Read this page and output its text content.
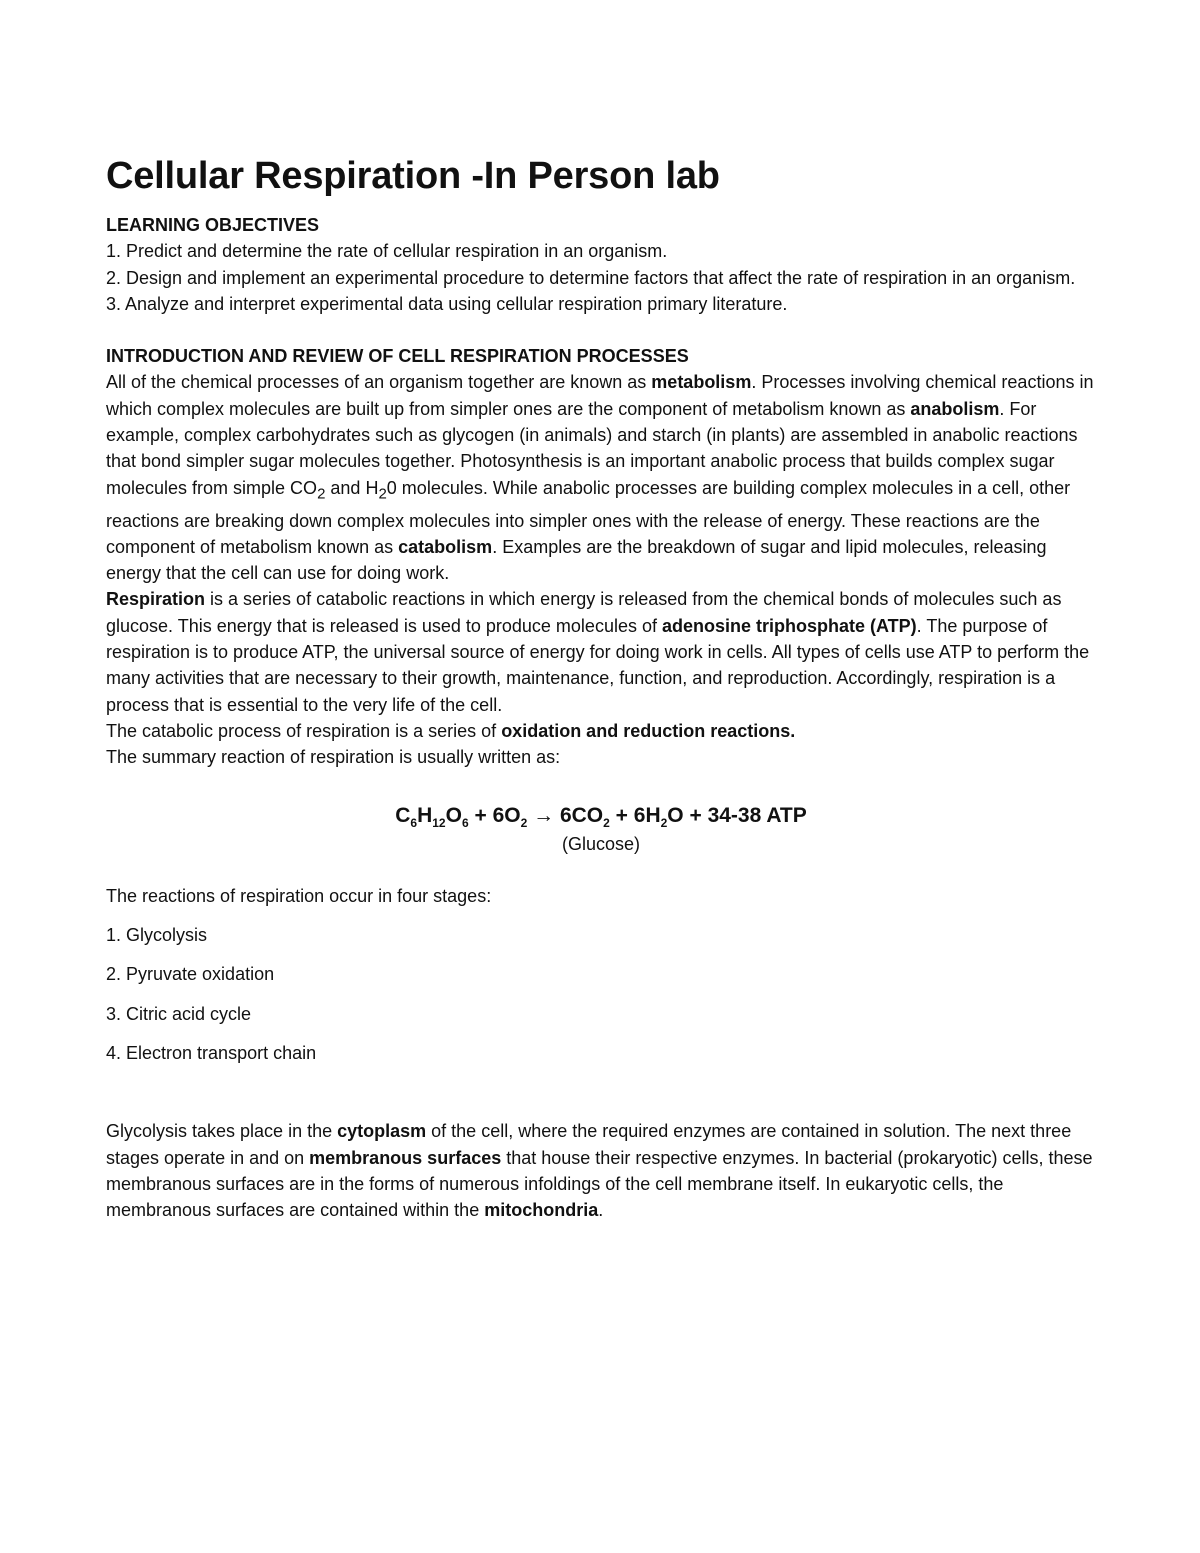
Cellular Respiration -In Person lab
LEARNING OBJECTIVES

1. Predict and determine the rate of cellular respiration in an organism.

2. Design and implement an experimental procedure to determine factors that affect the rate of respiration in an organism.

3. Analyze and interpret experimental data using cellular respiration primary literature.

INTRODUCTION AND REVIEW OF CELL RESPIRATION PROCESSES

All of the chemical processes of an organism together are known as metabolism. Processes involving chemical reactions in which complex molecules are built up from simpler ones are the component of metabolism known as anabolism. For example, complex carbohydrates such as glycogen (in animals) and starch (in plants) are assembled in anabolic reactions that bond simpler sugar molecules together. Photosynthesis is an important anabolic process that builds complex sugar molecules from simple $CO_2$ and $H_20$ molecules. While anabolic processes are building complex molecules in a cell, other reactions are breaking down complex molecules into simpler ones with the release of energy. These reactions are the component of metabolism known as catabolism. Examples are the breakdown of sugar and lipid molecules, releasing energy that the cell can use for doing work.

Respiration is a series of catabolic reactions in which energy is released from the chemical bonds of molecules such as glucose. This energy that is released is used to produce molecules of adenosine triphosphate (ATP). The purpose of respiration is to produce ATP, the universal source of energy for doing work in cells. All types of cells use ATP to perform the many activities that are necessary to their growth, maintenance, function, and reproduction. Accordingly, respiration is a process that is essential to the very life of the cell.

The catabolic process of respiration is a series of oxidation and reduction reactions.

The summary reaction of respiration is usually written as:

$C_6H_{12}O_6 + 6O_2 \to 6CO_2 + 6H_2O + 34-38$ ATP

(Glucose)

The reactions of respiration occur in four stages:

1. Glycolysis

2. Pyruvate oxidation

3. Citric acid cycle

4. Electron transport chain

Glycolysis takes place in the cytoplasm of the cell, where the required enzymes are contained in solution. The next three stages operate in and on membranous surfaces that house their respective enzymes. In bacterial (prokaryotic) cells, these membranous surfaces are in the forms of numerous infoldings of the cell membrane itself. In eukaryotic cells, the membranous surfaces are contained within the mitochondria.
